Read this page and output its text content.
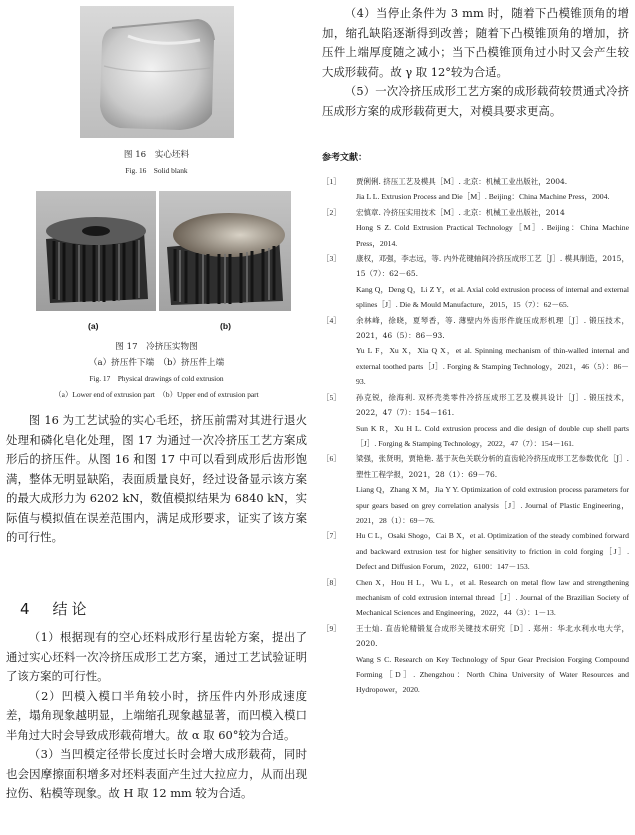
图 16　实心坯料
Fig. 16　Solid blank
(a)	(b)
图 17　冷挤压实物图
（a）挤压件下端　（b）挤压件上端
Fig. 17　Physical drawings of cold extrusion
（a）Lower end of extrusion part　（b）Upper end of extrusion part

图 16 为工艺试验的实心毛坯，挤压前需对其进行退火处理和磷化皂化处理，图 17 为通过一次冷挤压工艺方案成形后的挤压件。从图 16 和图 17 中可以看到成形后齿形饱满，整体无明显缺陷，表面质量良好，经过设备显示该方案的最大成形力为 6202 kN，数值模拟结果为 6840 kN，实际值与模拟值在误差范围内，满足成形要求，证实了该方案的可行性。

4　结论

（1）根据现有的空心坯料成形行星齿轮方案，提出了通过实心坯料一次冷挤压成形工艺方案，通过工艺试验证明了该方案的可行性。

（2）凹模入模口半角较小时，挤压件内外形成速度差，塌角现象越明显，上端缩孔现象越显著，而凹模入模口半角过大时会导致成形载荷增大。故 α 取 60°较为合适。

（3）当凹模定径带长度过长时会增大成形载荷，同时也会因摩擦面积增多对坯料表面产生过大拉应力，从而出现拉伤、粘模等现象。故 H 取 12 mm 较为合适。

（4）当停止条件为 3 mm 时，随着下凸模锥顶角的增加，缩孔缺陷逐渐得到改善；随着下凸模锥顶角的增加，挤压件上端厚度随之减小；当下凸模锥顶角过小时又会产生较大成形载荷。故 γ 取 12°较为合适。

（5）一次冷挤压成形工艺方案的成形载荷较贯通式冷挤压成形方案的成形载荷更大，对模具要求更高。

参考文献：
［1］	贾俐俐. 挤压工艺及模具［M］. 北京：机械工业出版社，2004.
Jia L L. Extrusion Process and Die［M］. Beijing：China Machine Press，2004.
［2］	宏慎章. 冷挤压实用技术［M］. 北京：机械工业出版社，2014
Hong S Z. Cold Extrusion Practical Technology［M］. Beijing：China Machine Press，2014.
［3］	康权，邓强，李志远，等. 内外花键轴间冷挤压成形工艺［J］. 模具制造，2015，15（7）：62－65.
Kang Q，Deng Q，Li Z Y，et al. Axial cold extrusion process of internal and external splines［J］. Die & Mould Manufacture，2015，15（7）：62－65.
［4］	余林峰，徐晓，夏琴香，等. 薄壁内外齿形件旋压成形机理［J］. 锻压技术，2021，46（5）：86－93.
Yu L F，Xu X，Xia Q X，et al. Spinning mechanism of thin-walled internal and external toothed parts［J］. Forging & Stamping Technology，2021，46（5）：86－93.
［5］	孙克锐，徐海利. 双杯壳类零件冷挤压成形工艺及模具设计［J］. 锻压技术，2022，47（7）：154－161.
Sun K R，Xu H L. Cold extrusion process and die design of double cup shell parts［J］. Forging & Stamping Technology，2022，47（7）：154－161.
［6］	梁强，张贤明，贾艳艳. 基于灰色关联分析的直齿轮冷挤压成形工艺参数优化［J］. 塑性工程学报，2021，28（1）：69－76.
Liang Q，Zhang X M，Jia Y Y. Optimization of cold extrusion process parameters for spur gears based on grey correlation analysis［J］. Journal of Plastic Engineering，2021，28（1）：69－76.
［7］	Hu C L，Osaki Shogo，Cai B X，et al. Optimization of the steady combined forward and backward extrusion test for higher sensitivity to friction in cold forging［J］. Defect and Diffusion Forum，2022，6100：147－153.
［8］	Chen X，Hou H L，Wu L，et al. Research on metal flow law and strengthening mechanism of cold extrusion internal thread［J］. Journal of the Brazilian Society of Mechanical Sciences and Engineering，2022，44（3）：1－13.
［9］	王士灿. 直齿轮精锻复合成形关键技术研究［D］. 郑州：华北水利水电大学，2020.
Wang S C. Research on Key Technology of Spur Gear Precision Forging Compound Forming［D］. Zhengzhou：North China University of Water Resources and Hydropower，2020.
